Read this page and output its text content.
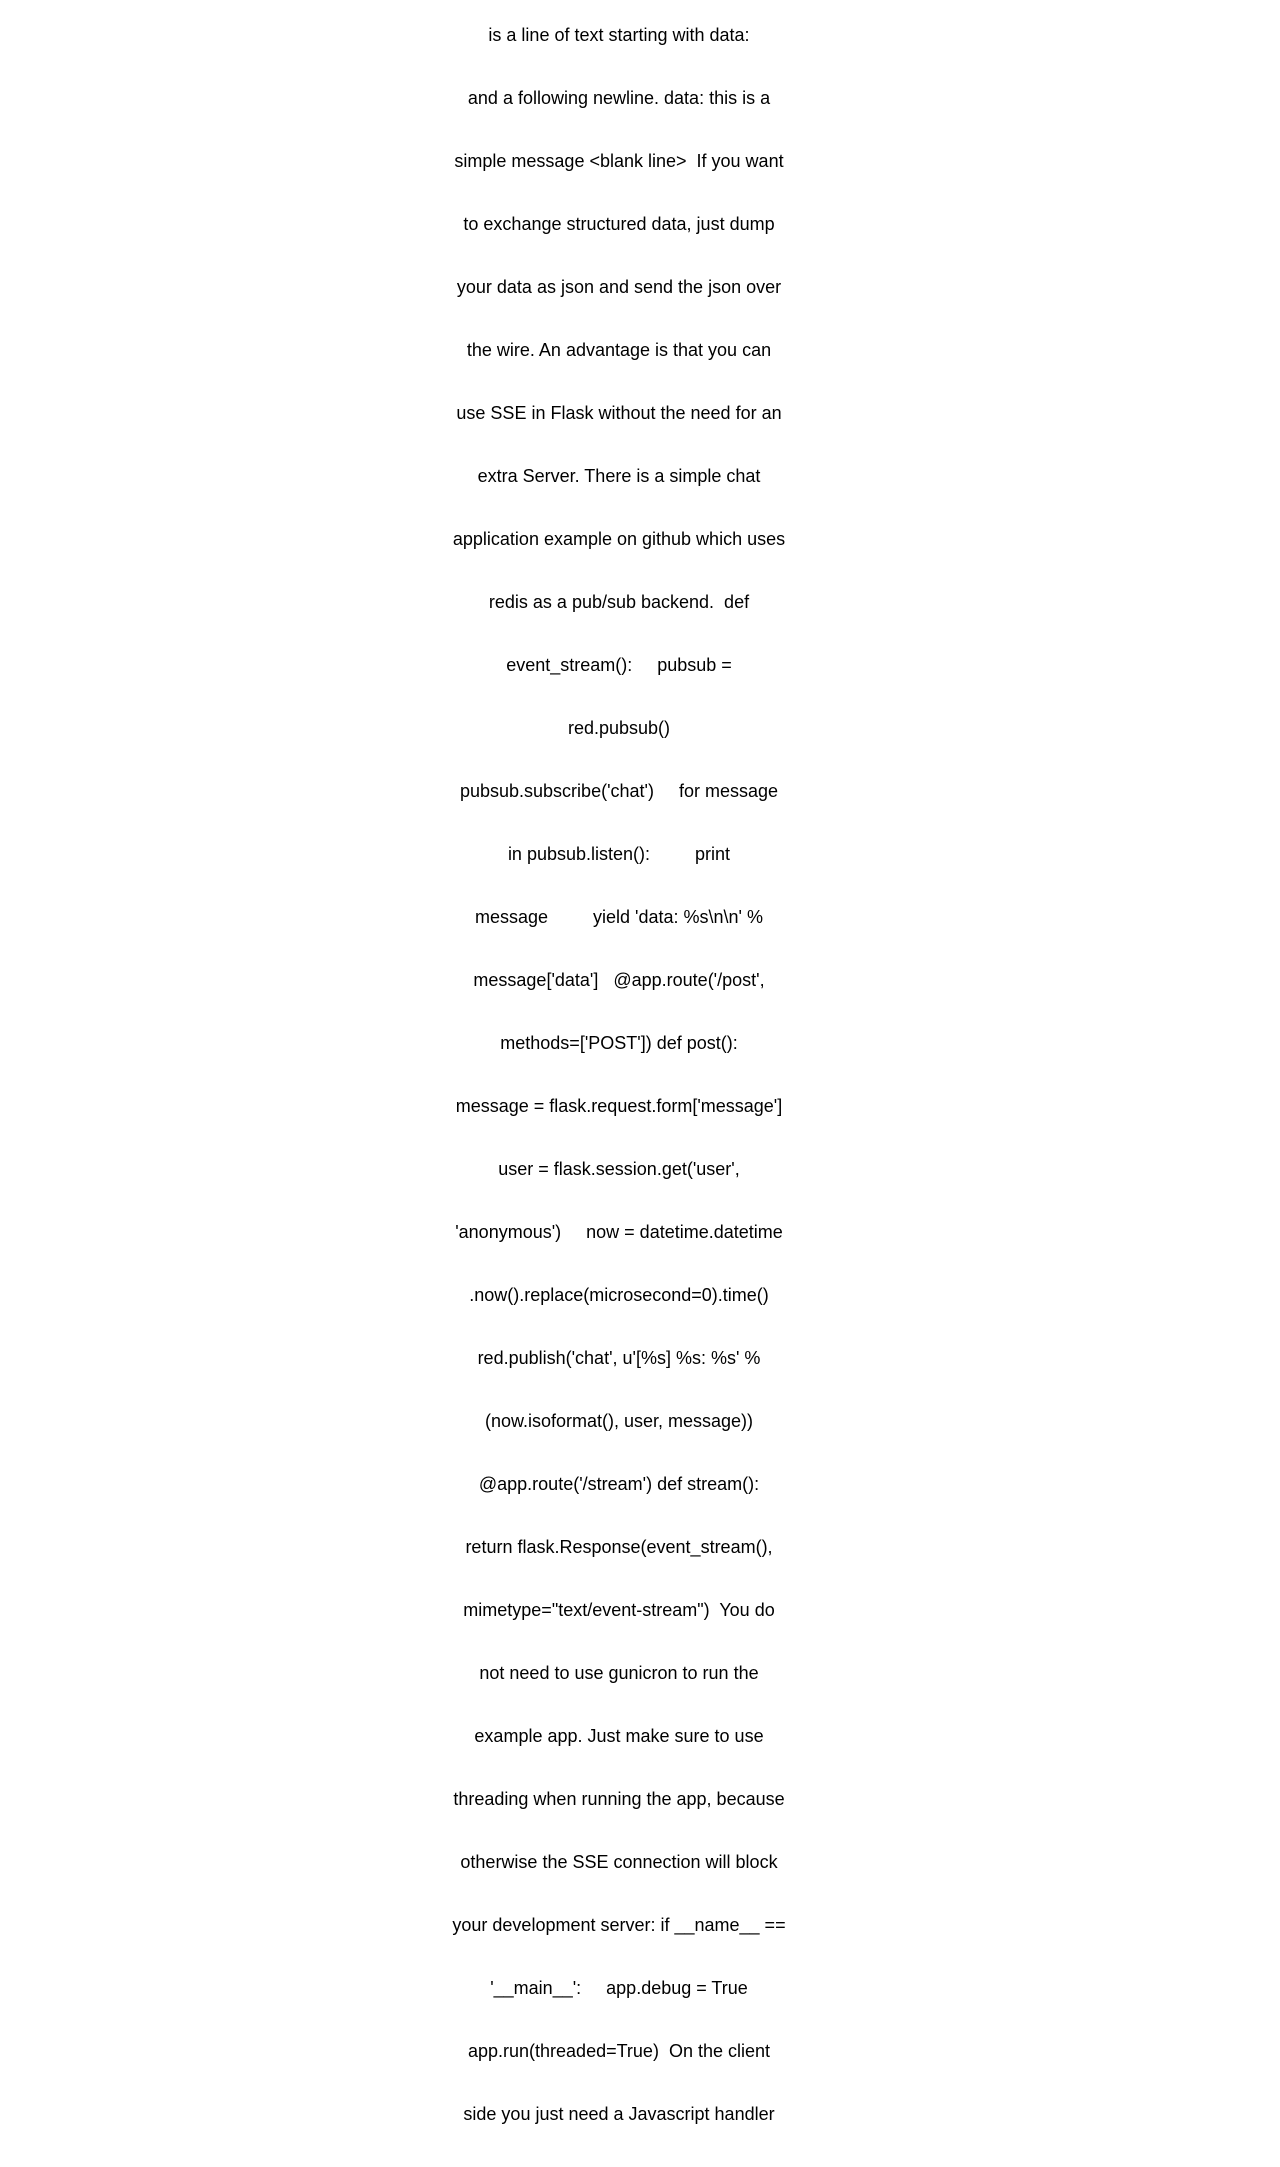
is a line of text starting with data:

and a following newline. data: this is a

simple message <blank line>  If you want

to exchange structured data, just dump

your data as json and send the json over

the wire. An advantage is that you can

use SSE in Flask without the need for an

extra Server. There is a simple chat

application example on github which uses

redis as a pub/sub backend.  def

event_stream():     pubsub =

red.pubsub()

pubsub.subscribe('chat')     for message

in pubsub.listen():         print

message         yield 'data: %s\n\n' %

message['data']   @app.route('/post',

methods=['POST']) def post():

message = flask.request.form['message']

user = flask.session.get('user',

'anonymous')     now = datetime.datetime

.now().replace(microsecond=0).time()

red.publish('chat', u'[%s] %s: %s' %

(now.isoformat(), user, message))

@app.route('/stream') def stream():

return flask.Response(event_stream(),

mimetype="text/event-stream")  You do

not need to use gunicron to run the

example app. Just make sure to use

threading when running the app, because

otherwise the SSE connection will block

your development server: if __name__ ==

'__main__':     app.debug = True

app.run(threaded=True)  On the client

side you just need a Javascript handler
